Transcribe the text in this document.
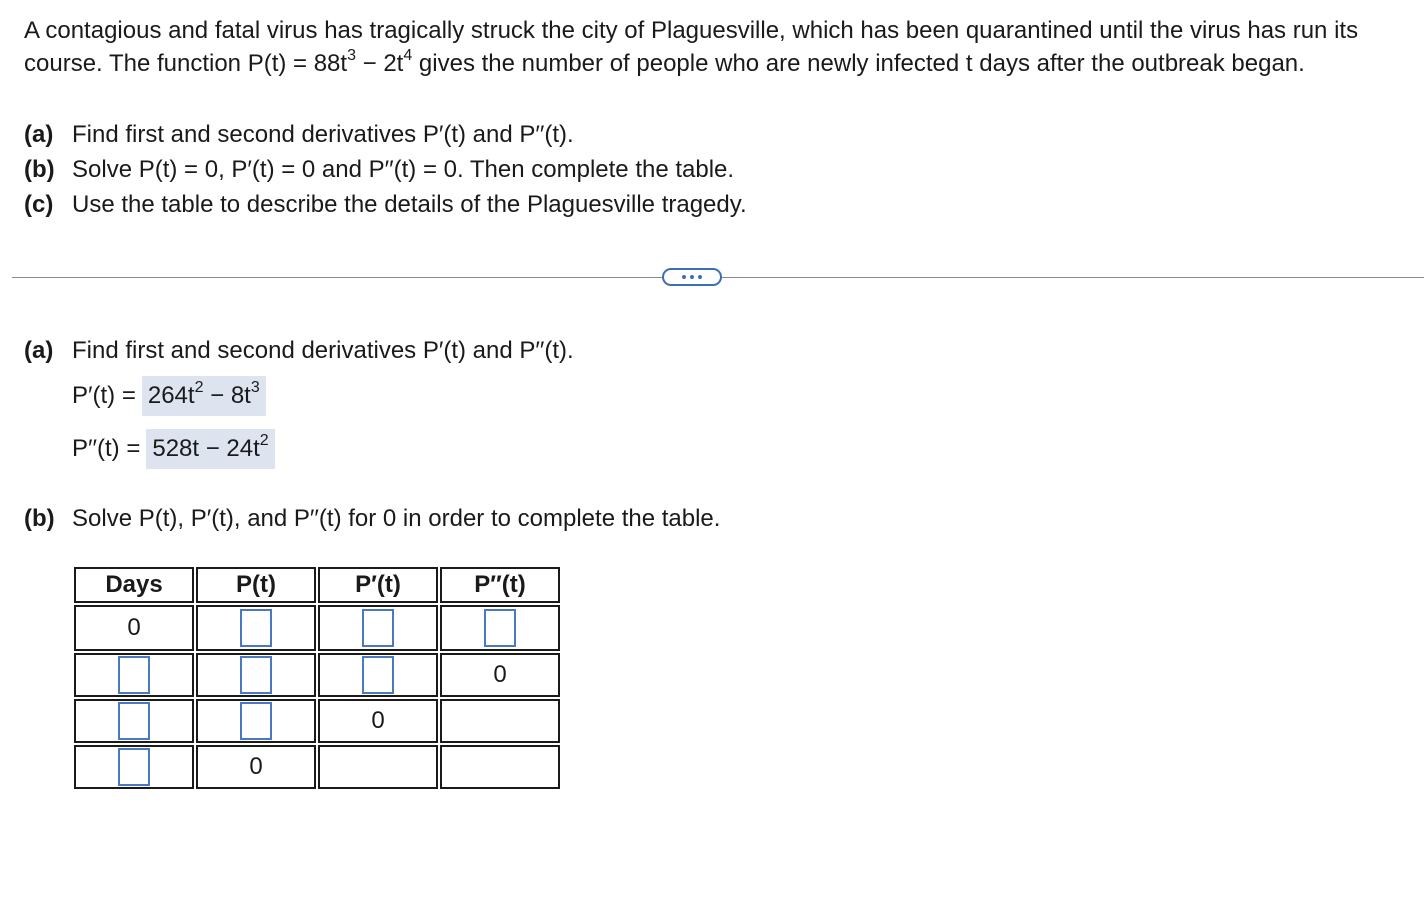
A contagious and fatal virus has tragically struck the city of Plaguesville, which has been quarantined until the virus has run its course. The function $P(t) = 88t^3 - 2t^4$ gives the number of people who are newly infected t days after the outbreak began.
(a) Find first and second derivatives P′(t) and P′′(t).
(b) Solve P(t) = 0, P′(t) = 0 and P′′(t) = 0. Then complete the table.
(c) Use the table to describe the details of the Plaguesville tragedy.
(a) Find first and second derivatives P′(t) and P′′(t).
$P'(t) = 264t^2 - 8t^3$
$P''(t) = 528t - 24t^2$
(b) Solve P(t), P′(t), and P′′(t) for 0 in order to complete the table.
Days	P(t)	P′(t)	P′′(t)
0			
			0
		0	
	0		
